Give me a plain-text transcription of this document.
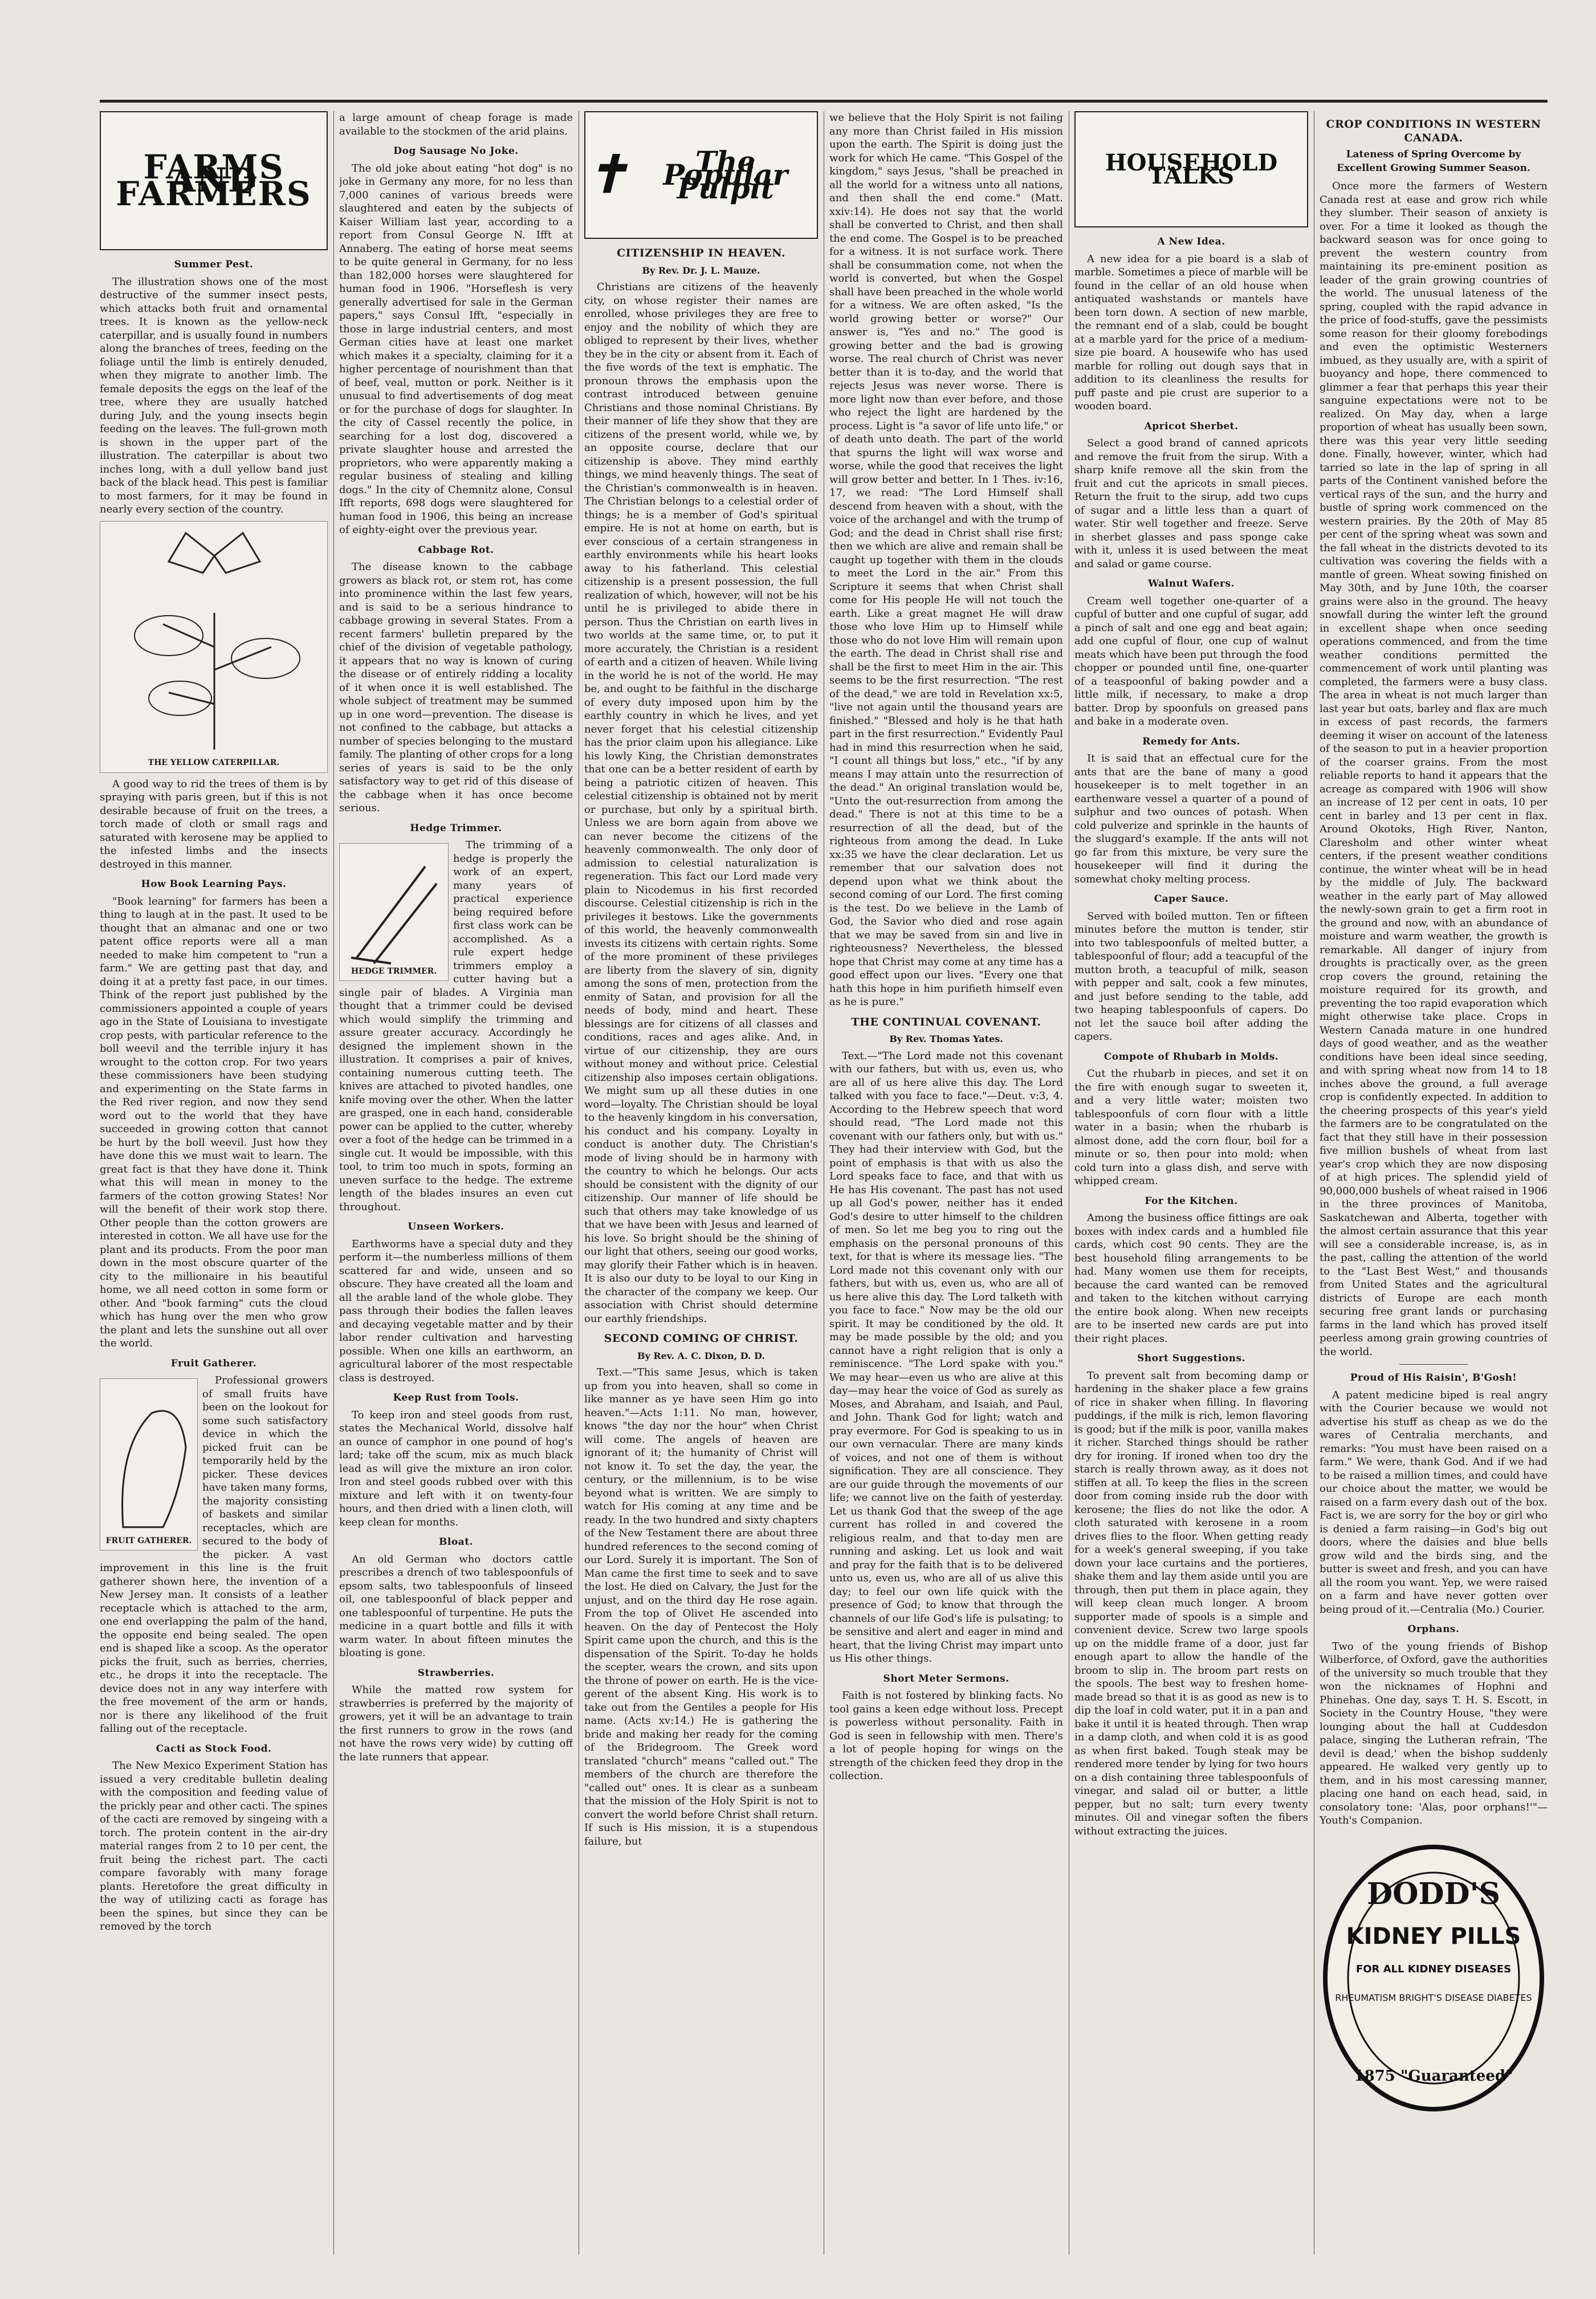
FARMS AND FARMERS
Summer Pest.

The illustration shows one of the most destructive of the summer insect pests, which attacks both fruit and ornamental trees. It is known as the yellow-neck caterpillar, and is usually found in numbers along the branches of trees, feeding on the foliage until the limb is entirely denuded, when they migrate to another limb. The female deposits the eggs on the leaf of the tree, where they are usually hatched during July, and the young insects begin feeding on the leaves. The full-grown moth is shown in the upper part of the illustration. The caterpillar is about two inches long, with a dull yellow band just back of the black head. This pest is familiar to most farmers, for it may be found in nearly every section of the country.

THE YELLOW CATERPILLAR.

A good way to rid the trees of them is by spraying with paris green, but if this is not desirable because of fruit on the trees, a torch made of cloth or small rags and saturated with kerosene may be applied to the infested limbs and the insects destroyed in this manner.

How Book Learning Pays.

"Book learning" for farmers has been a thing to laugh at in the past. It used to be thought that an almanac and one or two patent office reports were all a man needed to make him competent to "run a farm." We are getting past that day, and doing it at a pretty fast pace, in our times. Think of the report just published by the commissioners appointed a couple of years ago in the State of Louisiana to investigate crop pests, with particular reference to the boll weevil and the terrible injury it has wrought to the cotton crop. For two years these commissioners have been studying and experimenting on the State farms in the Red river region, and now they send word out to the world that they have succeeded in growing cotton that cannot be hurt by the boll weevil. Just how they have done this we must wait to learn. The great fact is that they have done it. Think what this will mean in money to the farmers of the cotton growing States! Nor will the benefit of their work stop there. Other people than the cotton growers are interested in cotton. We all have use for the plant and its products. From the poor man down in the most obscure quarter of the city to the millionaire in his beautiful home, we all need cotton in some form or other. And "book farming" cuts the cloud which has hung over the men who grow the plant and lets the sunshine out all over the world.

Fruit Gatherer.
FRUIT GATHERER.

Professional growers of small fruits have been on the lookout for some such satisfactory device in which the picked fruit can be temporarily held by the picker. These devices have taken many forms, the majority consisting of baskets and similar receptacles, which are secured to the body of the picker. A vast improvement in this line is the fruit gatherer shown here, the invention of a New Jersey man. It consists of a leather receptacle which is attached to the arm, one end overlapping the palm of the hand, the opposite end being sealed. The open end is shaped like a scoop. As the operator picks the fruit, such as berries, cherries, etc., he drops it into the receptacle. The device does not in any way interfere with the free movement of the arm or hands, nor is there any likelihood of the fruit falling out of the receptacle.

Cacti as Stock Food.

The New Mexico Experiment Station has issued a very creditable bulletin dealing with the composition and feeding value of the prickly pear and other cacti. The spines of the cacti are removed by singeing with a torch. The protein content in the air-dry material ranges from 2 to 10 per cent, the fruit being the richest part. The cacti compare favorably with many forage plants. Heretofore the great difficulty in the way of utilizing cacti as forage has been the spines, but since they can be removed by the torch

a large amount of cheap forage is made available to the stockmen of the arid plains.

Dog Sausage No Joke.

The old joke about eating "hot dog" is no joke in Germany any more, for no less than 7,000 canines of various breeds were slaughtered and eaten by the subjects of Kaiser William last year, according to a report from Consul George N. Ifft at Annaberg. The eating of horse meat seems to be quite general in Germany, for no less than 182,000 horses were slaughtered for human food in 1906. "Horseflesh is very generally advertised for sale in the German papers," says Consul Ifft, "especially in those in large industrial centers, and most German cities have at least one market which makes it a specialty, claiming for it a higher percentage of nourishment than that of beef, veal, mutton or pork. Neither is it unusual to find advertisements of dog meat or for the purchase of dogs for slaughter. In the city of Cassel recently the police, in searching for a lost dog, discovered a private slaughter house and arrested the proprietors, who were apparently making a regular business of stealing and killing dogs." In the city of Chemnitz alone, Consul Ifft reports, 698 dogs were slaughtered for human food in 1906, this being an increase of eighty-eight over the previous year.

Cabbage Rot.

The disease known to the cabbage growers as black rot, or stem rot, has come into prominence within the last few years, and is said to be a serious hindrance to cabbage growing in several States. From a recent farmers' bulletin prepared by the chief of the division of vegetable pathology, it appears that no way is known of curing the disease or of entirely ridding a locality of it when once it is well established. The whole subject of treatment may be summed up in one word—prevention. The disease is not confined to the cabbage, but attacks a number of species belonging to the mustard family. The planting of other crops for a long series of years is said to be the only satisfactory way to get rid of this disease of the cabbage when it has once become serious.

Hedge Trimmer.
HEDGE TRIMMER.

The trimming of a hedge is properly the work of an expert, many years of practical experience being required before first class work can be accomplished. As a rule expert hedge trimmers employ a cutter having but a single pair of blades. A Virginia man thought that a trimmer could be devised which would simplify the trimming and assure greater accuracy. Accordingly he designed the implement shown in the illustration. It comprises a pair of knives, containing numerous cutting teeth. The knives are attached to pivoted handles, one knife moving over the other. When the latter are grasped, one in each hand, considerable power can be applied to the cutter, whereby over a foot of the hedge can be trimmed in a single cut. It would be impossible, with this tool, to trim too much in spots, forming an uneven surface to the hedge. The extreme length of the blades insures an even cut throughout.

Unseen Workers.

Earthworms have a special duty and they perform it—the numberless millions of them scattered far and wide, unseen and so obscure. They have created all the loam and all the arable land of the whole globe. They pass through their bodies the fallen leaves and decaying vegetable matter and by their labor render cultivation and harvesting possible. When one kills an earthworm, an agricultural laborer of the most respectable class is destroyed.

Keep Rust from Tools.

To keep iron and steel goods from rust, states the Mechanical World, dissolve half an ounce of camphor in one pound of hog's lard; take off the scum, mix as much black lead as will give the mixture an iron color. Iron and steel goods rubbed over with this mixture and left with it on twenty-four hours, and then dried with a linen cloth, will keep clean for months.

Bloat.

An old German who doctors cattle prescribes a drench of two tablespoonfuls of epsom salts, two tablespoonfuls of linseed oil, one tablespoonful of black pepper and one tablespoonful of turpentine. He puts the medicine in a quart bottle and fills it with warm water. In about fifteen minutes the bloating is gone.

Strawberries.

While the matted row system for strawberries is preferred by the majority of growers, yet it will be an advantage to train the first runners to grow in the rows (and not have the rows very wide) by cutting off the late runners that appear.

✝	The Popular Pulpit
CITIZENSHIP IN HEAVEN.
By Rev. Dr. J. L. Mauze.

Christians are citizens of the heavenly city, on whose register their names are enrolled, whose privileges they are free to enjoy and the nobility of which they are obliged to represent by their lives, whether they be in the city or absent from it. Each of the five words of the text is emphatic. The pronoun throws the emphasis upon the contrast introduced between genuine Christians and those nominal Christians. By their manner of life they show that they are citizens of the present world, while we, by an opposite course, declare that our citizenship is above. They mind earthly things, we mind heavenly things. The seat of the Christian's commonwealth is in heaven. The Christian belongs to a celestial order of things; he is a member of God's spiritual empire. He is not at home on earth, but is ever conscious of a certain strangeness in earthly environments while his heart looks away to his fatherland. This celestial citizenship is a present possession, the full realization of which, however, will not be his until he is privileged to abide there in person. Thus the Christian on earth lives in two worlds at the same time, or, to put it more accurately, the Christian is a resident of earth and a citizen of heaven. While living in the world he is not of the world. He may be, and ought to be faithful in the discharge of every duty imposed upon him by the earthly country in which he lives, and yet never forget that his celestial citizenship has the prior claim upon his allegiance. Like his lowly King, the Christian demonstrates that one can be a better resident of earth by being a patriotic citizen of heaven. This celestial citizenship is obtained not by merit or purchase, but only by a spiritual birth. Unless we are born again from above we can never become the citizens of the heavenly commonwealth. The only door of admission to celestial naturalization is regeneration. This fact our Lord made very plain to Nicodemus in his first recorded discourse. Celestial citizenship is rich in the privileges it bestows. Like the governments of this world, the heavenly commonwealth invests its citizens with certain rights. Some of the more prominent of these privileges are liberty from the slavery of sin, dignity among the sons of men, protection from the enmity of Satan, and provision for all the needs of body, mind and heart. These blessings are for citizens of all classes and conditions, races and ages alike. And, in virtue of our citizenship, they are ours without money and without price. Celestial citizenship also imposes certain obligations. We might sum up all these duties in one word—loyalty. The Christian should be loyal to the heavenly kingdom in his conversation, his conduct and his company. Loyalty in conduct is another duty. The Christian's mode of living should be in harmony with the country to which he belongs. Our acts should be consistent with the dignity of our citizenship. Our manner of life should be such that others may take knowledge of us that we have been with Jesus and learned of his love. So bright should be the shining of our light that others, seeing our good works, may glorify their Father which is in heaven. It is also our duty to be loyal to our King in the character of the company we keep. Our association with Christ should determine our earthly friendships.

SECOND COMING OF CHRIST.
By Rev. A. C. Dixon, D. D.

Text.—"This same Jesus, which is taken up from you into heaven, shall so come in like manner as ye have seen Him go into heaven."—Acts 1:11. No man, however, knows "the day nor the hour" when Christ will come. The angels of heaven are ignorant of it; the humanity of Christ will not know it. To set the day, the year, the century, or the millennium, is to be wise beyond what is written. We are simply to watch for His coming at any time and be ready. In the two hundred and sixty chapters of the New Testament there are about three hundred references to the second coming of our Lord. Surely it is important. The Son of Man came the first time to seek and to save the lost. He died on Calvary, the Just for the unjust, and on the third day He rose again. From the top of Olivet He ascended into heaven. On the day of Pentecost the Holy Spirit came upon the church, and this is the dispensation of the Spirit. To-day he holds the scepter, wears the crown, and sits upon the throne of power on earth. He is the vice-gerent of the absent King. His work is to take out from the Gentiles a people for His name. (Acts xv:14.) He is gathering the bride and making her ready for the coming of the Bridegroom. The Greek word translated "church" means "called out." The members of the church are therefore the "called out" ones. It is clear as a sunbeam that the mission of the Holy Spirit is not to convert the world before Christ shall return. If such is His mission, it is a stupendous failure, but

we believe that the Holy Spirit is not failing any more than Christ failed in His mission upon the earth. The Spirit is doing just the work for which He came. "This Gospel of the kingdom," says Jesus, "shall be preached in all the world for a witness unto all nations, and then shall the end come." (Matt. xxiv:14). He does not say that the world shall be converted to Christ, and then shall the end come. The Gospel is to be preached for a witness. It is not surface work. There shall be consummation come, not when the world is converted, but when the Gospel shall have been preached in the whole world for a witness. We are often asked, "Is the world growing better or worse?" Our answer is, "Yes and no." The good is growing better and the bad is growing worse. The real church of Christ was never better than it is to-day, and the world that rejects Jesus was never worse. There is more light now than ever before, and those who reject the light are hardened by the process. Light is "a savor of life unto life," or of death unto death. The part of the world that spurns the light will wax worse and worse, while the good that receives the light will grow better and better. In 1 Thes. iv:16, 17, we read: "The Lord Himself shall descend from heaven with a shout, with the voice of the archangel and with the trump of God; and the dead in Christ shall rise first; then we which are alive and remain shall be caught up together with them in the clouds to meet the Lord in the air." From this Scripture it seems that when Christ shall come for His people He will not touch the earth. Like a great magnet He will draw those who love Him up to Himself while those who do not love Him will remain upon the earth. The dead in Christ shall rise and shall be the first to meet Him in the air. This seems to be the first resurrection. "The rest of the dead," we are told in Revelation xx:5, "live not again until the thousand years are finished." "Blessed and holy is he that hath part in the first resurrection." Evidently Paul had in mind this resurrection when he said, "I count all things but loss," etc., "if by any means I may attain unto the resurrection of the dead." An original translation would be, "Unto the out-resurrection from among the dead." There is not at this time to be a resurrection of all the dead, but of the righteous from among the dead. In Luke xx:35 we have the clear declaration. Let us remember that our salvation does not depend upon what we think about the second coming of our Lord. The first coming is the test. Do we believe in the Lamb of God, the Savior who died and rose again that we may be saved from sin and live in righteousness? Nevertheless, the blessed hope that Christ may come at any time has a good effect upon our lives. "Every one that hath this hope in him purifieth himself even as he is pure."

THE CONTINUAL COVENANT.
By Rev. Thomas Yates.

Text.—"The Lord made not this covenant with our fathers, but with us, even us, who are all of us here alive this day. The Lord talked with you face to face."—Deut. v:3, 4. According to the Hebrew speech that word should read, "The Lord made not this covenant with our fathers only, but with us." They had their interview with God, but the point of emphasis is that with us also the Lord speaks face to face, and that with us He has His covenant. The past has not used up all God's power, neither has it ended God's desire to utter himself to the children of men. So let me beg you to ring out the emphasis on the personal pronouns of this text, for that is where its message lies. "The Lord made not this covenant only with our fathers, but with us, even us, who are all of us here alive this day. The Lord talketh with you face to face." Now may be the old our spirit. It may be conditioned by the old. It may be made possible by the old; and you cannot have a right religion that is only a reminiscence. "The Lord spake with you." We may hear—even us who are alive at this day—may hear the voice of God as surely as Moses, and Abraham, and Isaiah, and Paul, and John. Thank God for light; watch and pray evermore. For God is speaking to us in our own vernacular. There are many kinds of voices, and not one of them is without signification. They are all conscience. They are our guide through the movements of our life; we cannot live on the faith of yesterday. Let us thank God that the sweep of the age current has rolled in and covered the religious realm, and that to-day men are running and asking. Let us look and wait and pray for the faith that is to be delivered unto us, even us, who are all of us alive this day; to feel our own life quick with the presence of God; to know that through the channels of our life God's life is pulsating; to be sensitive and alert and eager in mind and heart, that the living Christ may impart unto us His other things.

Short Meter Sermons.

Faith is not fostered by blinking facts. No tool gains a keen edge without loss. Precept is powerless without personality. Faith in God is seen in fellowship with men. There's a lot of people hoping for wings on the strength of the chicken feed they drop in the collection.

HOUSEHOLD TALKS
A New Idea.

A new idea for a pie board is a slab of marble. Sometimes a piece of marble will be found in the cellar of an old house when antiquated washstands or mantels have been torn down. A section of new marble, the remnant end of a slab, could be bought at a marble yard for the price of a medium-size pie board. A housewife who has used marble for rolling out dough says that in addition to its cleanliness the results for puff paste and pie crust are superior to a wooden board.

Apricot Sherbet.

Select a good brand of canned apricots and remove the fruit from the sirup. With a sharp knife remove all the skin from the fruit and cut the apricots in small pieces. Return the fruit to the sirup, add two cups of sugar and a little less than a quart of water. Stir well together and freeze. Serve in sherbet glasses and pass sponge cake with it, unless it is used between the meat and salad or game course.

Walnut Wafers.

Cream well together one-quarter of a cupful of butter and one cupful of sugar, add a pinch of salt and one egg and beat again; add one cupful of flour, one cup of walnut meats which have been put through the food chopper or pounded until fine, one-quarter of a teaspoonful of baking powder and a little milk, if necessary, to make a drop batter. Drop by spoonfuls on greased pans and bake in a moderate oven.

Remedy for Ants.

It is said that an effectual cure for the ants that are the bane of many a good housekeeper is to melt together in an earthenware vessel a quarter of a pound of sulphur and two ounces of potash. When cold pulverize and sprinkle in the haunts of the sluggard's example. If the ants will not go far from this mixture, be very sure the housekeeper will find it during the somewhat choky melting process.

Caper Sauce.

Served with boiled mutton. Ten or fifteen minutes before the mutton is tender, stir into two tablespoonfuls of melted butter, a tablespoonful of flour; add a teacupful of the mutton broth, a teacupful of milk, season with pepper and salt, cook a few minutes, and just before sending to the table, add two heaping tablespoonfuls of capers. Do not let the sauce boil after adding the capers.

Compote of Rhubarb in Molds.

Cut the rhubarb in pieces, and set it on the fire with enough sugar to sweeten it, and a very little water; moisten two tablespoonfuls of corn flour with a little water in a basin; when the rhubarb is almost done, add the corn flour, boil for a minute or so, then pour into mold; when cold turn into a glass dish, and serve with whipped cream.

For the Kitchen.

Among the business office fittings are oak boxes with index cards and a humbled file cards, which cost 90 cents. They are the best household filing arrangements to be had. Many women use them for receipts, because the card wanted can be removed and taken to the kitchen without carrying the entire book along. When new receipts are to be inserted new cards are put into their right places.

Short Suggestions.

To prevent salt from becoming damp or hardening in the shaker place a few grains of rice in shaker when filling. In flavoring puddings, if the milk is rich, lemon flavoring is good; but if the milk is poor, vanilla makes it richer. Starched things should be rather dry for ironing. If ironed when too dry the starch is really thrown away, as it does not stiffen at all. To keep the flies in the screen door from coming inside rub the door with kerosene; the flies do not like the odor. A cloth saturated with kerosene in a room drives flies to the floor. When getting ready for a week's general sweeping, if you take down your lace curtains and the portieres, shake them and lay them aside until you are through, then put them in place again, they will keep clean much longer. A broom supporter made of spools is a simple and convenient device. Screw two large spools up on the middle frame of a door, just far enough apart to allow the handle of the broom to slip in. The broom part rests on the spools. The best way to freshen home-made bread so that it is as good as new is to dip the loaf in cold water, put it in a pan and bake it until it is heated through. Then wrap in a damp cloth, and when cold it is as good as when first baked. Tough steak may be rendered more tender by lying for two hours on a dish containing three tablespoonfuls of vinegar, and salad oil or butter, a little pepper, but no salt; turn every twenty minutes. Oil and vinegar soften the fibers without extracting the juices.

CROP CONDITIONS IN WESTERN CANADA.
Lateness of Spring Overcome by Excellent Growing Summer Season.

Once more the farmers of Western Canada rest at ease and grow rich while they slumber. Their season of anxiety is over. For a time it looked as though the backward season was for once going to prevent the western country from maintaining its pre-eminent position as leader of the grain growing countries of the world. The unusual lateness of the spring, coupled with the rapid advance in the price of food-stuffs, gave the pessimists some reason for their gloomy forebodings and even the optimistic Westerners imbued, as they usually are, with a spirit of buoyancy and hope, there commenced to glimmer a fear that perhaps this year their sanguine expectations were not to be realized. On May day, when a large proportion of wheat has usually been sown, there was this year very little seeding done. Finally, however, winter, which had tarried so late in the lap of spring in all parts of the Continent vanished before the vertical rays of the sun, and the hurry and bustle of spring work commenced on the western prairies. By the 20th of May 85 per cent of the spring wheat was sown and the fall wheat in the districts devoted to its cultivation was covering the fields with a mantle of green. Wheat sowing finished on May 30th, and by June 10th, the coarser grains were also in the ground. The heavy snowfall during the winter left the ground in excellent shape when once seeding operations commenced, and from the time weather conditions permitted the commencement of work until planting was completed, the farmers were a busy class. The area in wheat is not much larger than last year but oats, barley and flax are much in excess of past records, the farmers deeming it wiser on account of the lateness of the season to put in a heavier proportion of the coarser grains. From the most reliable reports to hand it appears that the acreage as compared with 1906 will show an increase of 12 per cent in oats, 10 per cent in barley and 13 per cent in flax. Around Okotoks, High River, Nanton, Claresholm and other winter wheat centers, if the present weather conditions continue, the winter wheat will be in head by the middle of July. The backward weather in the early part of May allowed the newly-sown grain to get a firm root in the ground and now, with an abundance of moisture and warm weather, the growth is remarkable. All danger of injury from droughts is practically over, as the green crop covers the ground, retaining the moisture required for its growth, and preventing the too rapid evaporation which might otherwise take place. Crops in Western Canada mature in one hundred days of good weather, and as the weather conditions have been ideal since seeding, and with spring wheat now from 14 to 18 inches above the ground, a full average crop is confidently expected. In addition to the cheering prospects of this year's yield the farmers are to be congratulated on the fact that they still have in their possession five million bushels of wheat from last year's crop which they are now disposing of at high prices. The splendid yield of 90,000,000 bushels of wheat raised in 1906 in the three provinces of Manitoba, Saskatchewan and Alberta, together with the almost certain assurance that this year will see a considerable increase, is, as in the past, calling the attention of the world to the "Last Best West," and thousands from United States and the agricultural districts of Europe are each month securing free grant lands or purchasing farms in the land which has proved itself peerless among grain growing countries of the world.

Proud of His Raisin', B'Gosh!

A patent medicine biped is real angry with the Courier because we would not advertise his stuff as cheap as we do the wares of Centralia merchants, and remarks: "You must have been raised on a farm." We were, thank God. And if we had to be raised a million times, and could have our choice about the matter, we would be raised on a farm every dash out of the box. Fact is, we are sorry for the boy or girl who is denied a farm raising—in God's big out doors, where the daisies and blue bells grow wild and the birds sing, and the butter is sweet and fresh, and you can have all the room you want. Yep, we were raised on a farm and have never gotten over being proud of it.—Centralia (Mo.) Courier.

Orphans.

Two of the young friends of Bishop Wilberforce, of Oxford, gave the authorities of the university so much trouble that they won the nicknames of Hophni and Phinehas. One day, says T. H. S. Escott, in Society in the Country House, "they were lounging about the hall at Cuddesdon palace, singing the Lutheran refrain, 'The devil is dead,' when the bishop suddenly appeared. He walked very gently up to them, and in his most caressing manner, placing one hand on each head, said, in consolatory tone: 'Alas, poor orphans!'"—Youth's Companion.

DODD'S
KIDNEY PILLS
FOR ALL KIDNEY DISEASES
RHEUMATISM BRIGHT'S DISEASE DIABETES
1875 "Guaranteed"
